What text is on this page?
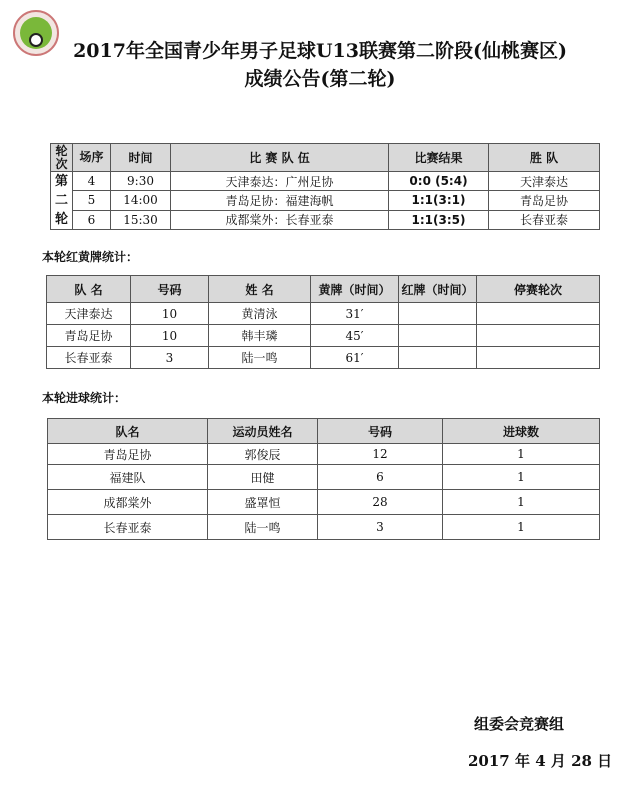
2017年全国青少年男子足球U13联赛第二阶段(仙桃赛区)
成绩公告(第二轮)
轮次	场序	时间	比 赛 队 伍	比赛结果	胜 队
第
二
轮	4	9:30	天津泰达：广州足协	0:0 (5:4)	天津泰达
	5	14:00	青岛足协：福建海帆	1:1(3:1)	青岛足协
	6	15:30	成都棠外：长春亚泰	1:1(3:5)	长春亚泰
本轮红黄牌统计：
队 名	号码	姓 名	黄牌（时间）	红牌（时间）	停赛轮次
天津泰达	10	黄清泳	31′		
青岛足协	10	韩丰璘	45′		
长春亚泰	3	陆一鸣	61′		
本轮进球统计：
队名	运动员姓名	号码	进球数
青岛足协	郭俊辰	12	1
福建队	田健	6	1
成都棠外	盛罩恒	28	1
长春亚泰	陆一鸣	3	1
组委会竞赛组
2017 年 4 月 28 日
